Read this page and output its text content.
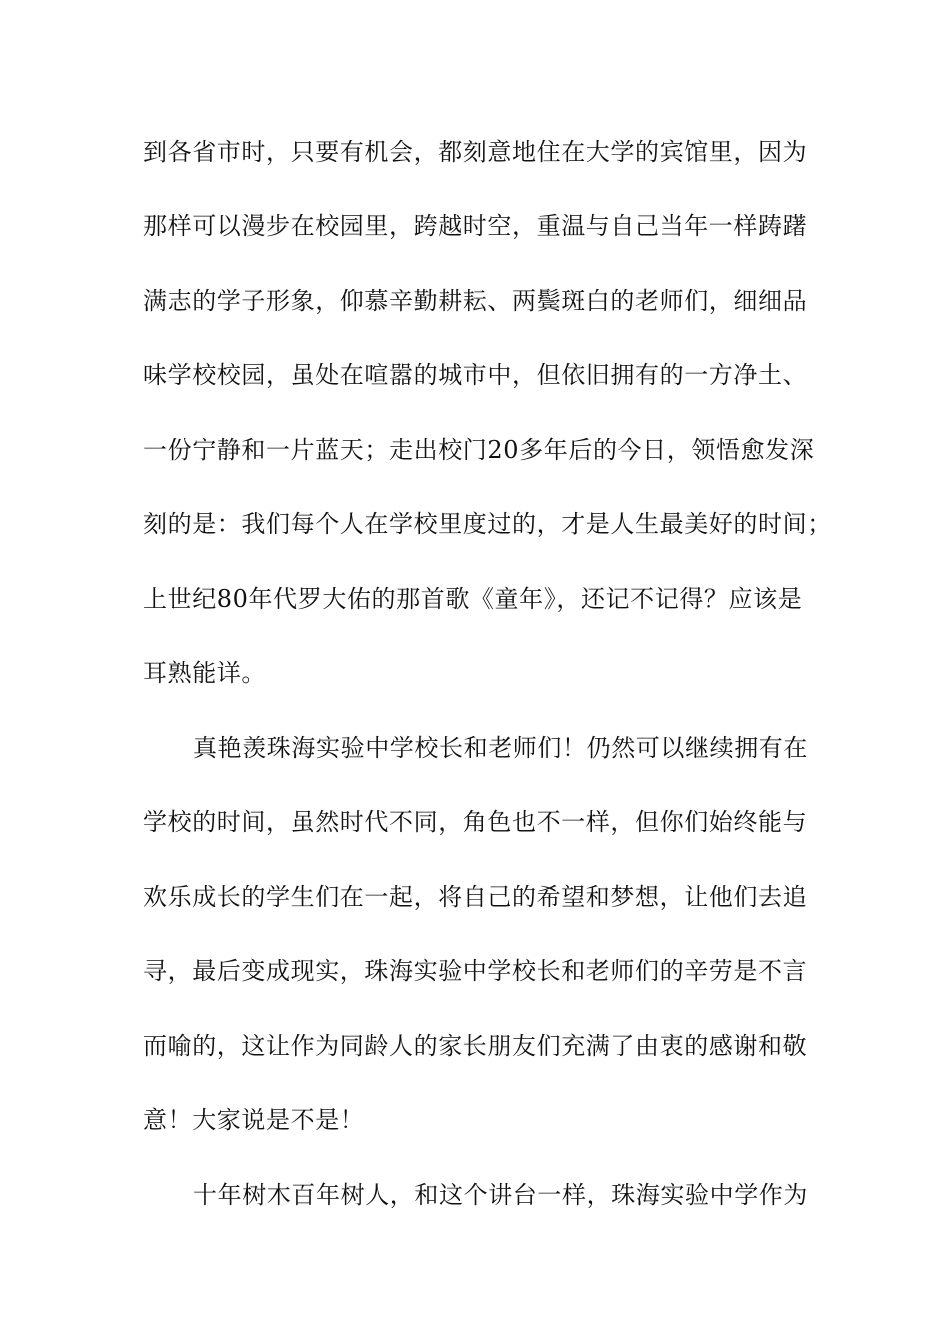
到各省市时，只要有机会，都刻意地住在大学的宾馆里，因为
那样可以漫步在校园里，跨越时空，重温与自己当年一样踌躇
满志的学子形象，仰慕辛勤耕耘、两鬓斑白的老师们，细细品
味学校校园，虽处在喧嚣的城市中，但依旧拥有的一方净土、
一份宁静和一片蓝天；走出校门20多年后的今日，领悟愈发深
刻的是：我们每个人在学校里度过的，才是人生最美好的时间；
上世纪80年代罗大佑的那首歌《童年》，还记不记得？应该是
耳熟能详。
真艳羡珠海实验中学校长和老师们！仍然可以继续拥有在
学校的时间，虽然时代不同，角色也不一样，但你们始终能与
欢乐成长的学生们在一起，将自己的希望和梦想，让他们去追
寻，最后变成现实，珠海实验中学校长和老师们的辛劳是不言
而喻的，这让作为同龄人的家长朋友们充满了由衷的感谢和敬
意！大家说是不是！
十年树木百年树人，和这个讲台一样，珠海实验中学作为
